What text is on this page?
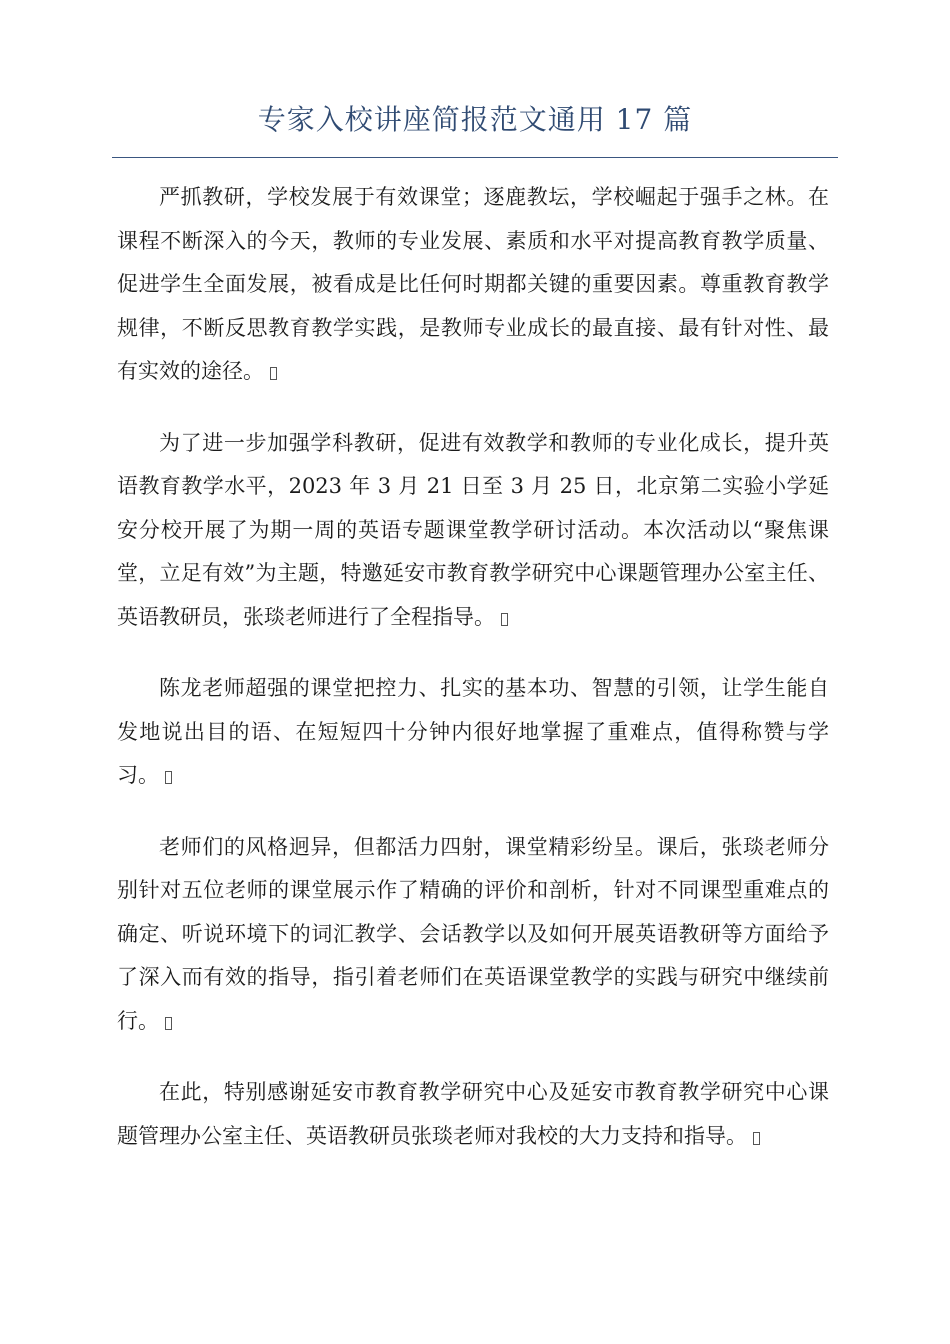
专家入校讲座简报范文通用 17 篇

严抓教研，学校发展于有效课堂；逐鹿教坛，学校崛起于强手之林。在课程不断深入的今天，教师的专业发展、素质和水平对提高教育教学质量、促进学生全面发展，被看成是比任何时期都关键的重要因素。尊重教育教学规律，不断反思教育教学实践，是教师专业成长的最直接、最有针对性、最有实效的途径。

为了进一步加强学科教研，促进有效教学和教师的专业化成长，提升英语教育教学水平，2023 年 3 月 21 日至 3 月 25 日，北京第二实验小学延安分校开展了为期一周的英语专题课堂教学研讨活动。本次活动以“聚焦课堂，立足有效”为主题，特邀延安市教育教学研究中心课题管理办公室主任、英语教研员，张琰老师进行了全程指导。

陈龙老师超强的课堂把控力、扎实的基本功、智慧的引领，让学生能自发地说出目的语、在短短四十分钟内很好地掌握了重难点，值得称赞与学习。

老师们的风格迥异，但都活力四射，课堂精彩纷呈。课后，张琰老师分别针对五位老师的课堂展示作了精确的评价和剖析，针对不同课型重难点的确定、听说环境下的词汇教学、会话教学以及如何开展英语教研等方面给予了深入而有效的指导，指引着老师们在英语课堂教学的实践与研究中继续前行。

在此，特别感谢延安市教育教学研究中心及延安市教育教学研究中心课题管理办公室主任、英语教研员张琰老师对我校的大力支持和指导。
